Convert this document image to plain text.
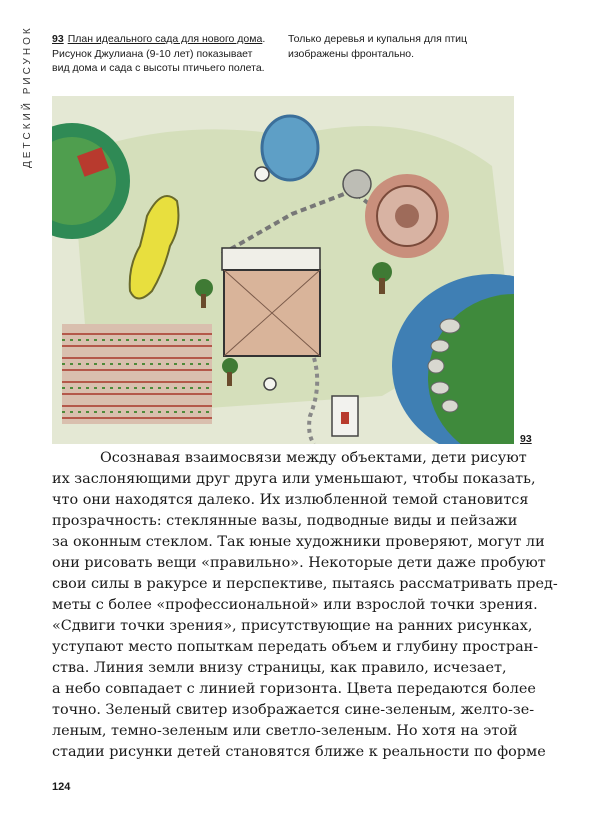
ДЕТСКИЙ РИСУНОК 93 План идеального сада для нового дома.
Рисунок Джулиана (9-10 лет) показывает
вид дома и сада с высоты птичьего полета.
Только деревья и купальня для птиц
изображены фронтально.
93
Осознавая взаимосвязи между объектами, дети рисуют
их заслоняющими друг друга или уменьшают, чтобы показать,
что они находятся далеко. Их излюбленной темой становится
прозрачность: стеклянные вазы, подводные виды и пейзажи
за оконным стеклом. Так юные художники проверяют, могут ли
они рисовать вещи «правильно». Некоторые дети даже пробуют
свои силы в ракурсе и перспективе, пытаясь рассматривать пред-
меты с более «профессиональной» или взрослой точки зрения.
«Сдвиги точки зрения», присутствующие на ранних рисунках,
уступают место попыткам передать объем и глубину простран-
ства. Линия земли внизу страницы, как правило, исчезает,
а небо совпадает с линией горизонта. Цвета передаются более
точно. Зеленый свитер изображается сине-зеленым, желто-зе-
леным, темно-зеленым или светло-зеленым. Но хотя на этой
стадии рисунки детей становятся ближе к реальности по форме
124
